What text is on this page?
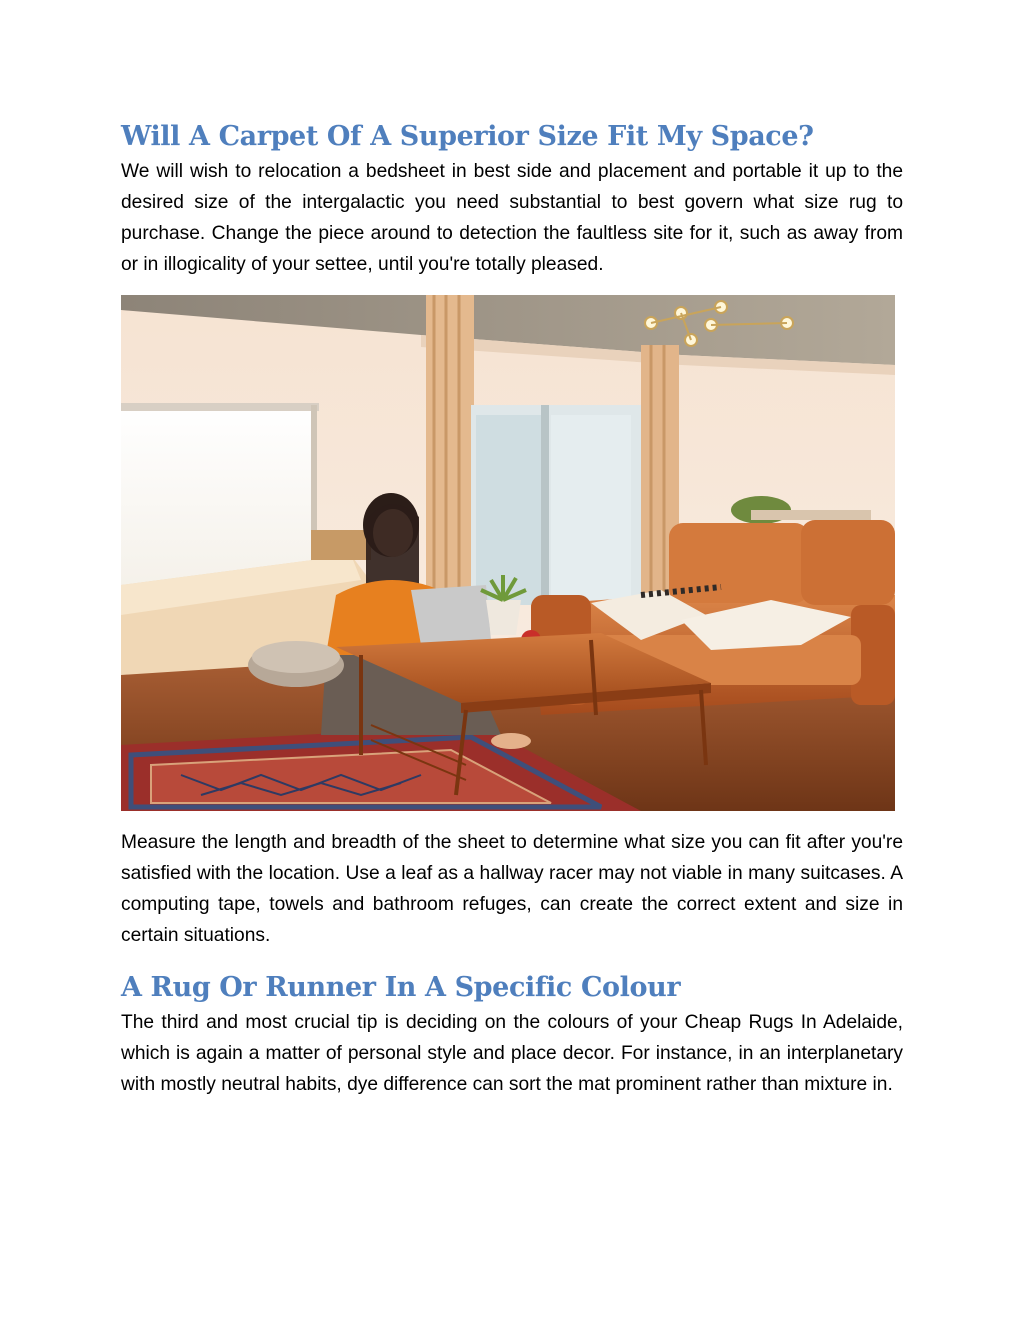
Will A Carpet Of A Superior Size Fit My Space?

We will wish to relocation a bedsheet in best side and placement and portable it up to the desired size of the intergalactic you need substantial to best govern what size rug to purchase. Change the piece around to detection the faultless site for it, such as away from or in illogicality of your settee, until you're totally pleased.

Measure the length and breadth of the sheet to determine what size you can fit after you're satisfied with the location. Use a leaf as a hallway racer may not viable in many suitcases. A computing tape, towels and bathroom refuges, can create the correct extent and size in certain situations.

A Rug Or Runner In A Specific Colour

The third and most crucial tip is deciding on the colours of your Cheap Rugs In Adelaide, which is again a matter of personal style and place decor. For instance, in an interplanetary with mostly neutral habits, dye difference can sort the mat prominent rather than mixture in.
